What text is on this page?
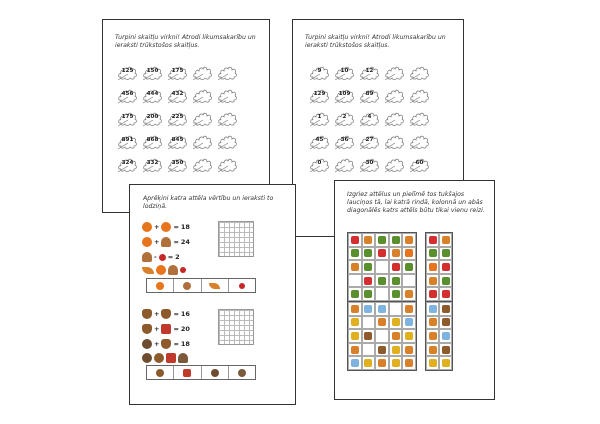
Turpini skaitļu virkni! Atrodi likumsakarību un ieraksti trūkstošos skaitļus.
125	150	175
456	444	432
175	200	225
891	868	845
324	332	350
Turpini skaitļu virkni! Atrodi likumsakarību un ieraksti trūkstošos skaitļus.
9	10	12
129	109	89
1	2	4
45	36	27
0	30	60
Aprēķini katra attēla vērtību un ieraksti to lodziņā.
+ = 18
+ = 24
- = 2
+ = 16
+ = 20
+ = 18
Izgriez attēlus un pielīmē tos tukšajos lauciņos tā, lai katrā rindā, kolonnā un abās diagonālēs katrs attēls būtu tikai vienu reizi.
